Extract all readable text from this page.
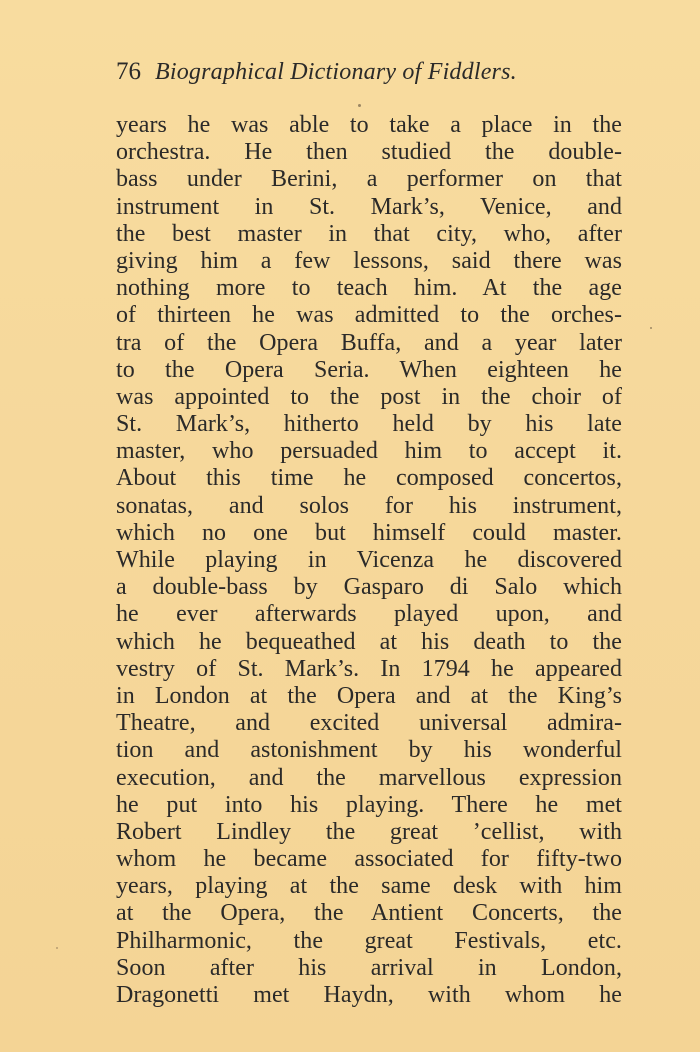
76 Biographical Dictionary of Fiddlers.
years he was able to take a place in the
orchestra. He then studied the double-
bass under Berini, a performer on that
instrument in St. Mark’s, Venice, and
the best master in that city, who, after
giving him a few lessons, said there was
nothing more to teach him. At the age
of thirteen he was admitted to the orches-
tra of the Opera Buffa, and a year later
to the Opera Seria. When eighteen he
was appointed to the post in the choir of
St. Mark’s, hitherto held by his late
master, who persuaded him to accept it.
About this time he composed concertos,
sonatas, and solos for his instrument,
which no one but himself could master.
While playing in Vicenza he discovered
a double-bass by Gasparo di Salo which
he ever afterwards played upon, and
which he bequeathed at his death to the
vestry of St. Mark’s. In 1794 he appeared
in London at the Opera and at the King’s
Theatre, and excited universal admira-
tion and astonishment by his wonderful
execution, and the marvellous expression
he put into his playing. There he met
Robert Lindley the great ’cellist, with
whom he became associated for fifty-two
years, playing at the same desk with him
at the Opera, the Antient Concerts, the
Philharmonic, the great Festivals, etc.
Soon after his arrival in London,
Dragonetti met Haydn, with whom he
